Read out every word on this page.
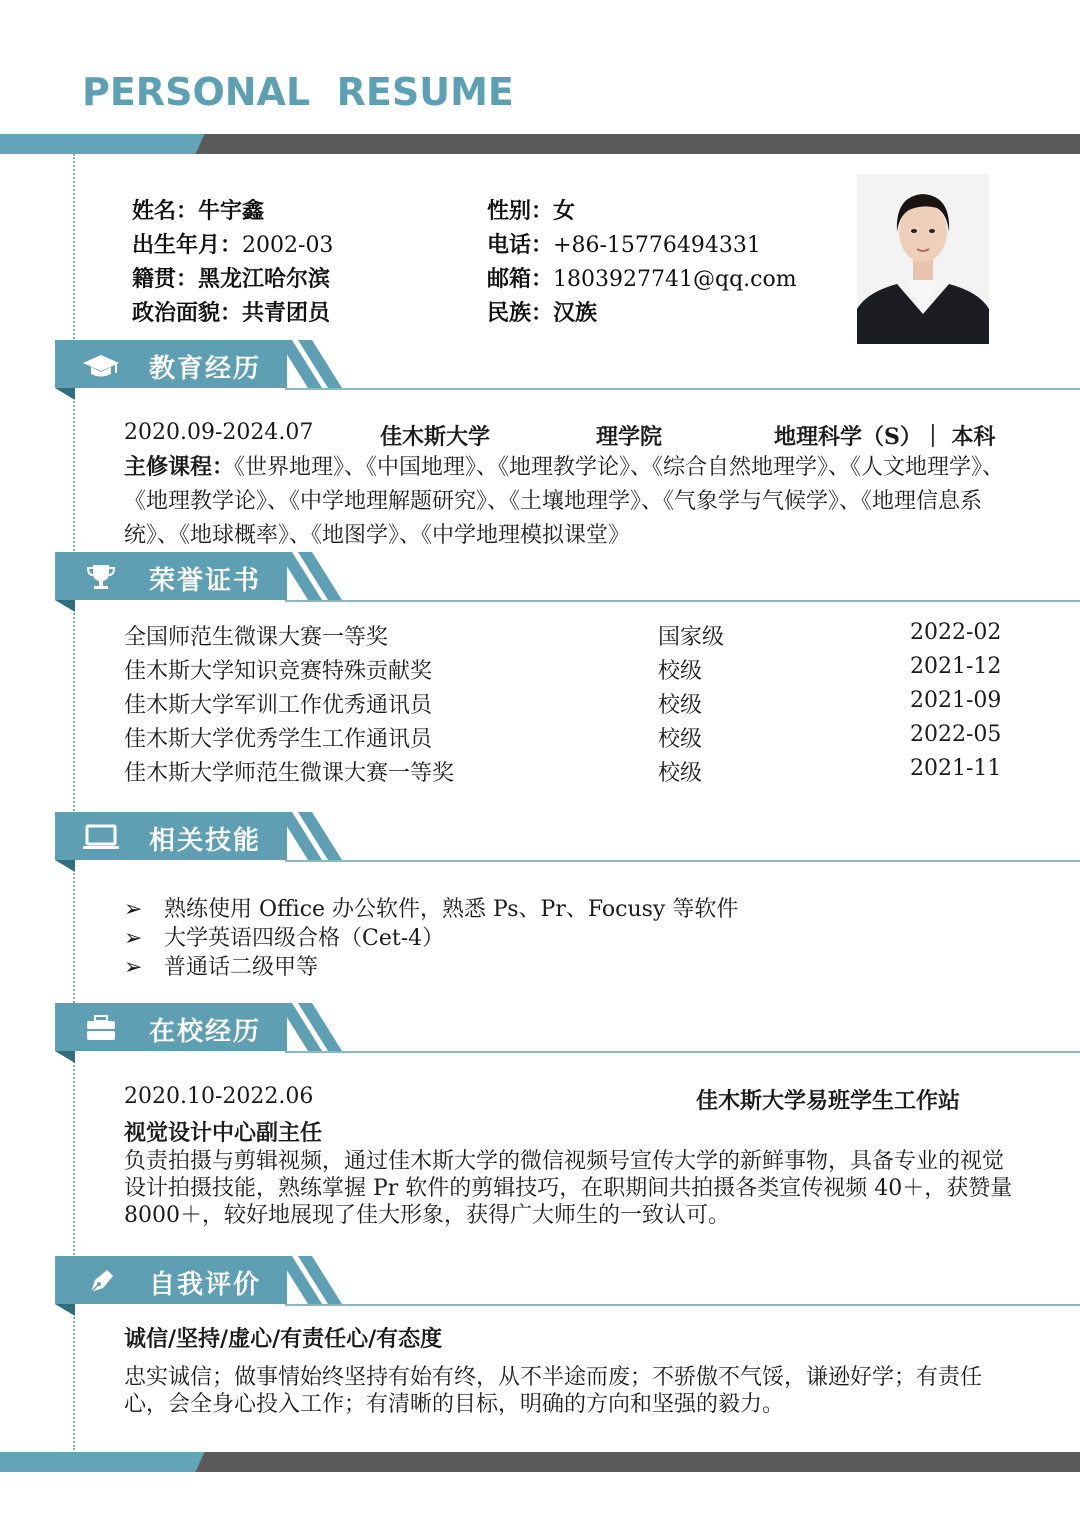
PERSONAL  RESUME
姓名：牛宇鑫	性别：女
出生年月：2002-03	电话：+86-15776494331
籍贯：黑龙江哈尔滨	邮箱：1803927741@qq.com
政治面貌：共青团员	民族：汉族
教育经历
2020.09-2024.07	佳木斯大学	理学院	地理科学（S）｜ 本科
主修课程：《世界地理》、《中国地理》、《地理教学论》、《综合自然地理学》、《人文地理学》、《地理教学论》、《中学地理解题研究》、《土壤地理学》、《气象学与气候学》、《地理信息系统》、《地球概率》、《地图学》、《中学地理模拟课堂》
荣誉证书
全国师范生微课大赛一等奖	国家级	2022-02
佳木斯大学知识竞赛特殊贡献奖	校级	2021-12
佳木斯大学军训工作优秀通讯员	校级	2021-09
佳木斯大学优秀学生工作通讯员	校级	2022-05
佳木斯大学师范生微课大赛一等奖	校级	2021-11
相关技能
➢ 熟练使用 Office 办公软件，熟悉 Ps、Pr、Focusy 等软件
➢ 大学英语四级合格（Cet-4）
➢ 普通话二级甲等
在校经历
2020.10-2022.06	佳木斯大学易班学生工作站
视觉设计中心副主任
负责拍摄与剪辑视频，通过佳木斯大学的微信视频号宣传大学的新鲜事物，具备专业的视觉设计拍摄技能，熟练掌握 Pr 软件的剪辑技巧，在职期间共拍摄各类宣传视频 40＋，获赞量 8000＋，较好地展现了佳大形象，获得广大师生的一致认可。
自我评价
诚信/坚持/虚心/有责任心/有态度
忠实诚信；做事情始终坚持有始有终，从不半途而废；不骄傲不气馁，谦逊好学；有责任心，会全身心投入工作；有清晰的目标，明确的方向和坚强的毅力。
